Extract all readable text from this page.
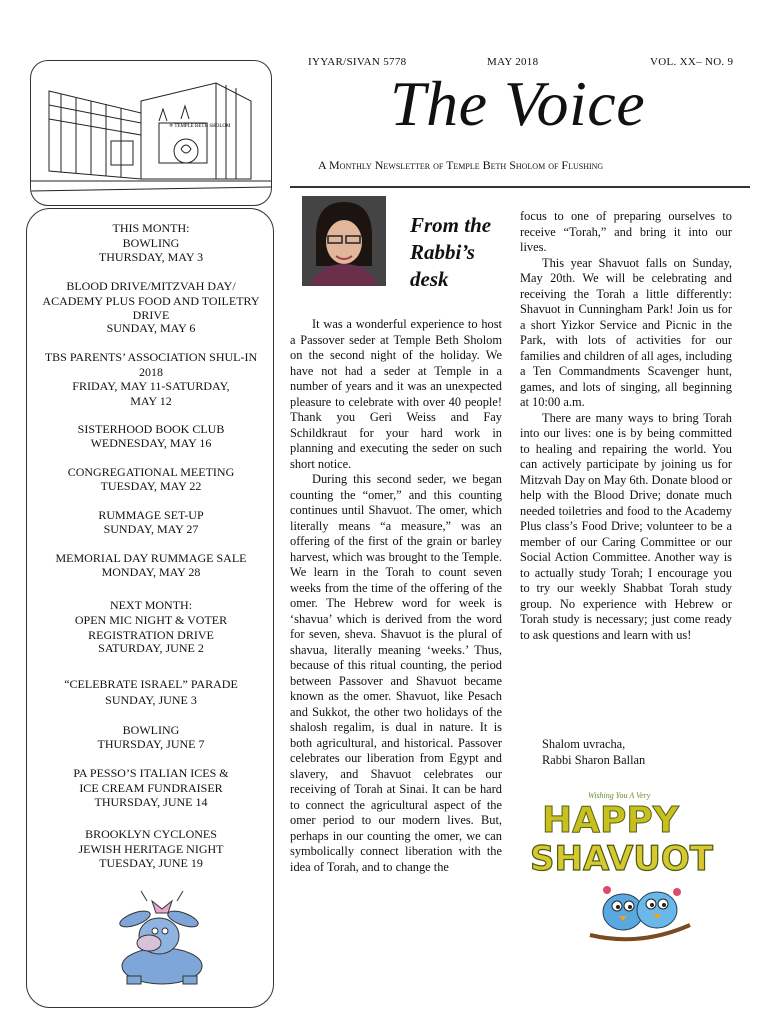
✡ TEMPLE BETH SHOLOM
IYYAR/SIVAN 5778	MAY 2018	VOL. XX– NO. 9
The Voice
A Monthly Newsletter of Temple Beth Sholom of Flushing
THIS MONTH:
BOWLING
THURSDAY, MAY 3
BLOOD DRIVE/MITZVAH DAY/
ACADEMY PLUS FOOD AND TOILETRY
DRIVE
SUNDAY, MAY 6
TBS PARENTS’ ASSOCIATION SHUL-IN
2018
FRIDAY, MAY 11-SATURDAY,
MAY 12
SISTERHOOD BOOK CLUB
WEDNESDAY, MAY 16
CONGREGATIONAL MEETING
TUESDAY, MAY 22
RUMMAGE SET-UP
SUNDAY, MAY 27
MEMORIAL DAY RUMMAGE SALE
MONDAY, MAY 28
NEXT MONTH:
OPEN MIC NIGHT & VOTER
REGISTRATION DRIVE
SATURDAY, JUNE 2
“CELEBRATE ISRAEL” PARADE
SUNDAY, JUNE 3
BOWLING
THURSDAY, JUNE 7
PA PESSO’S ITALIAN ICES &
ICE CREAM FUNDRAISER
THURSDAY, JUNE 14
BROOKLYN CYCLONES
JEWISH HERITAGE NIGHT
TUESDAY, JUNE 19
From the
Rabbi’s
desk

It was a wonderful experience to host a Passover seder at Temple Beth Sholom on the second night of the holiday. We have not had a seder at Temple in a number of years and it was an unexpected pleasure to celebrate with over 40 people! Thank you Geri Weiss and Fay Schildkraut for your hard work in planning and executing the seder on such short notice.

During this second seder, we began counting the “omer,” and this counting continues until Shavuot. The omer, which literally means “a measure,” was an offering of the first of the grain or barley harvest, which was brought to the Temple. We learn in the Torah to count seven weeks from the time of the offering of the omer. The Hebrew word for week is ‘shavua’ which is derived from the word for seven, sheva. Shavuot is the plural of shavua, literally meaning ‘weeks.’ Thus, because of this ritual counting, the period between Passover and Shavuot became known as the omer. Shavuot, like Pesach and Sukkot, the other two holidays of the shalosh regalim, is dual in nature. It is both agricultural, and historical. Passover celebrates our liberation from Egypt and slavery, and Shavuot celebrates our receiving of Torah at Sinai. It can be hard to connect the agricultural aspect of the omer period to our modern lives. But, perhaps in our counting the omer, we can symbolically connect liberation with the idea of Torah, and to change the

focus to one of preparing ourselves to receive “Torah,” and bring it into our lives.

This year Shavuot falls on Sunday, May 20th. We will be celebrating and receiving the Torah a little differently: Shavuot in Cunningham Park! Join us for a short Yizkor Service and Picnic in the Park, with lots of activities for our families and children of all ages, including a Ten Commandments Scavenger hunt, games, and lots of singing, all beginning at 10:00 a.m.

There are many ways to bring Torah into our lives: one is by being committed to healing and repairing the world. You can actively participate by joining us for Mitzvah Day on May 6th. Donate blood or help with the Blood Drive; donate much needed toiletries and food to the Academy Plus class’s Food Drive; volunteer to be a member of our Caring Committee or our Social Action Committee. Another way is to actually study Torah; I encourage you to try our weekly Shabbat Torah study group. No experience with Hebrew or Torah study is necessary; just come ready to ask questions and learn with us!

Shalom uvracha,
Rabbi Sharon Ballan
Wishing You A Very
HAPPY
SHAVUOT
